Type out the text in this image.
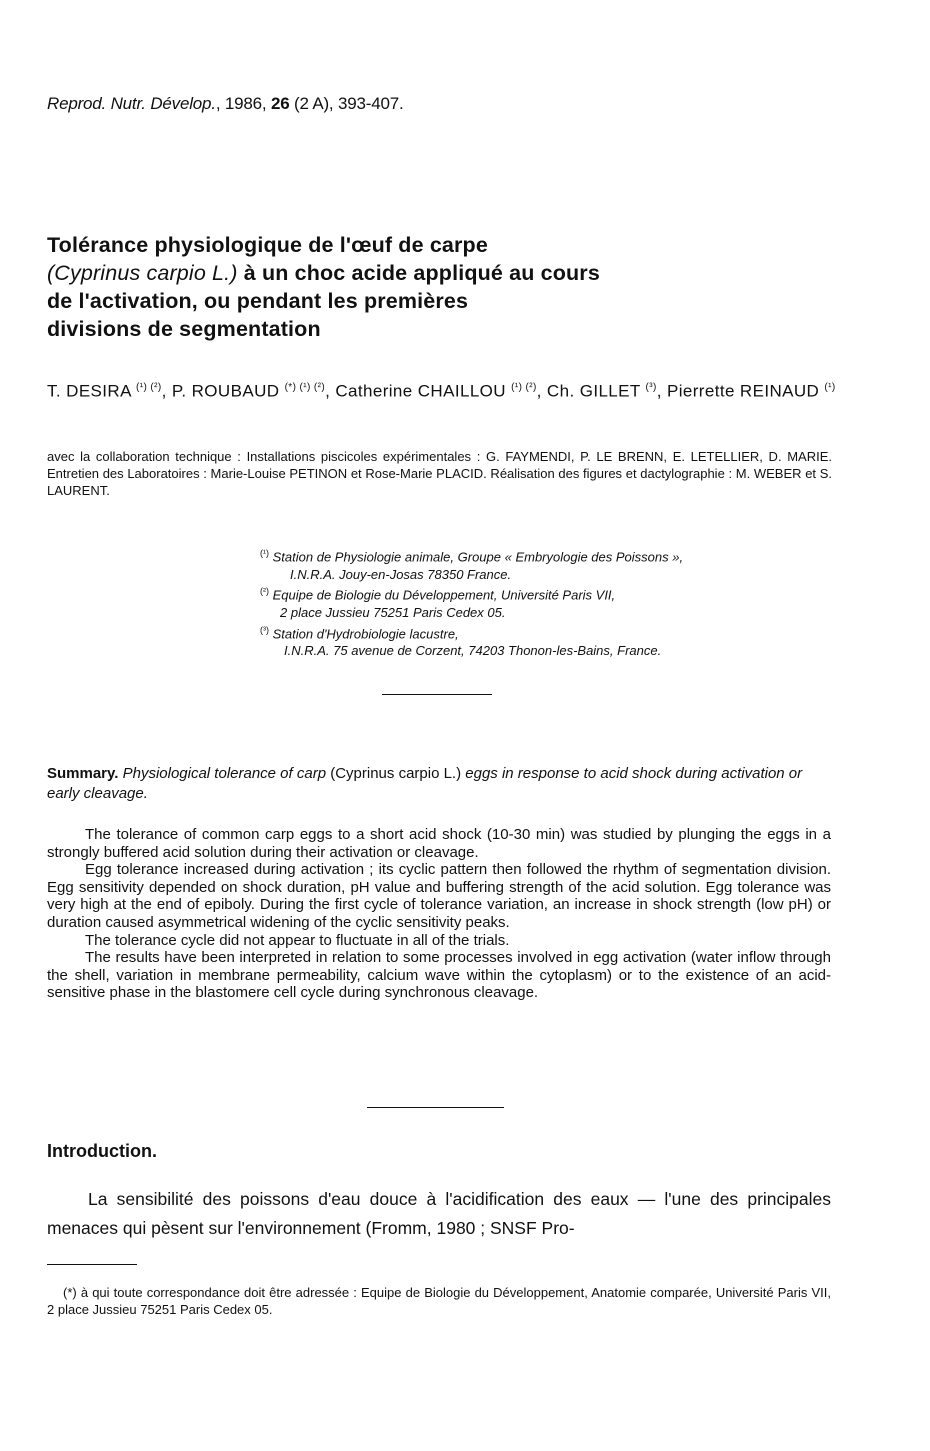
Reprod. Nutr. Dévelop., 1986, 26 (2 A), 393-407.
Tolérance physiologique de l'œuf de carpe
(Cyprinus carpio L.) à un choc acide appliqué au cours
de l'activation, ou pendant les premières
divisions de segmentation
T. DESIRA $^{(^1) (^2)}$, P. ROUBAUD $^{(*) (^1) (^2)}$, Catherine CHAILLOU $^{(^1) (^2)}$, Ch. GILLET $^{(^3)}$, Pierrette REINAUD $^{(^1)}$
avec la collaboration technique : Installations piscicoles expérimentales : G. FAYMENDI, P. LE BRENN, E. LETELLIER, D. MARIE. Entretien des Laboratoires : Marie-Louise PETINON et Rose-Marie PLACID. Réalisation des figures et dactylographie : M. WEBER et S. LAURENT.
$^{(^1)}$ Station de Physiologie animale, Groupe « Embryologie des Poissons »,
I.N.R.A. Jouy-en-Josas 78350 France.
$^{(^2)}$ Equipe de Biologie du Développement, Université Paris VII,
2 place Jussieu 75251 Paris Cedex 05.
$^{(^3)}$ Station d'Hydrobiologie lacustre,
I.N.R.A. 75 avenue de Corzent, 74203 Thonon-les-Bains, France.
Summary. Physiological tolerance of carp (Cyprinus carpio L.) eggs in response to acid shock during activation or early cleavage.

The tolerance of common carp eggs to a short acid shock (10-30 min) was studied by plunging the eggs in a strongly buffered acid solution during their activation or cleavage.

Egg tolerance increased during activation ; its cyclic pattern then followed the rhythm of segmentation division. Egg sensitivity depended on shock duration, pH value and buffering strength of the acid solution. Egg tolerance was very high at the end of epiboly. During the first cycle of tolerance variation, an increase in shock strength (low pH) or duration caused asymmetrical widening of the cyclic sensitivity peaks.

The tolerance cycle did not appear to fluctuate in all of the trials.

The results have been interpreted in relation to some processes involved in egg activation (water inflow through the shell, variation in membrane permeability, calcium wave within the cytoplasm) or to the existence of an acid-sensitive phase in the blastomere cell cycle during synchronous cleavage.

Introduction.

La sensibilité des poissons d'eau douce à l'acidification des eaux — l'une des principales menaces qui pèsent sur l'environnement (Fromm, 1980 ; SNSF Pro-

(*) à qui toute correspondance doit être adressée : Equipe de Biologie du Développement, Anatomie comparée, Université Paris VII, 2 place Jussieu 75251 Paris Cedex 05.
